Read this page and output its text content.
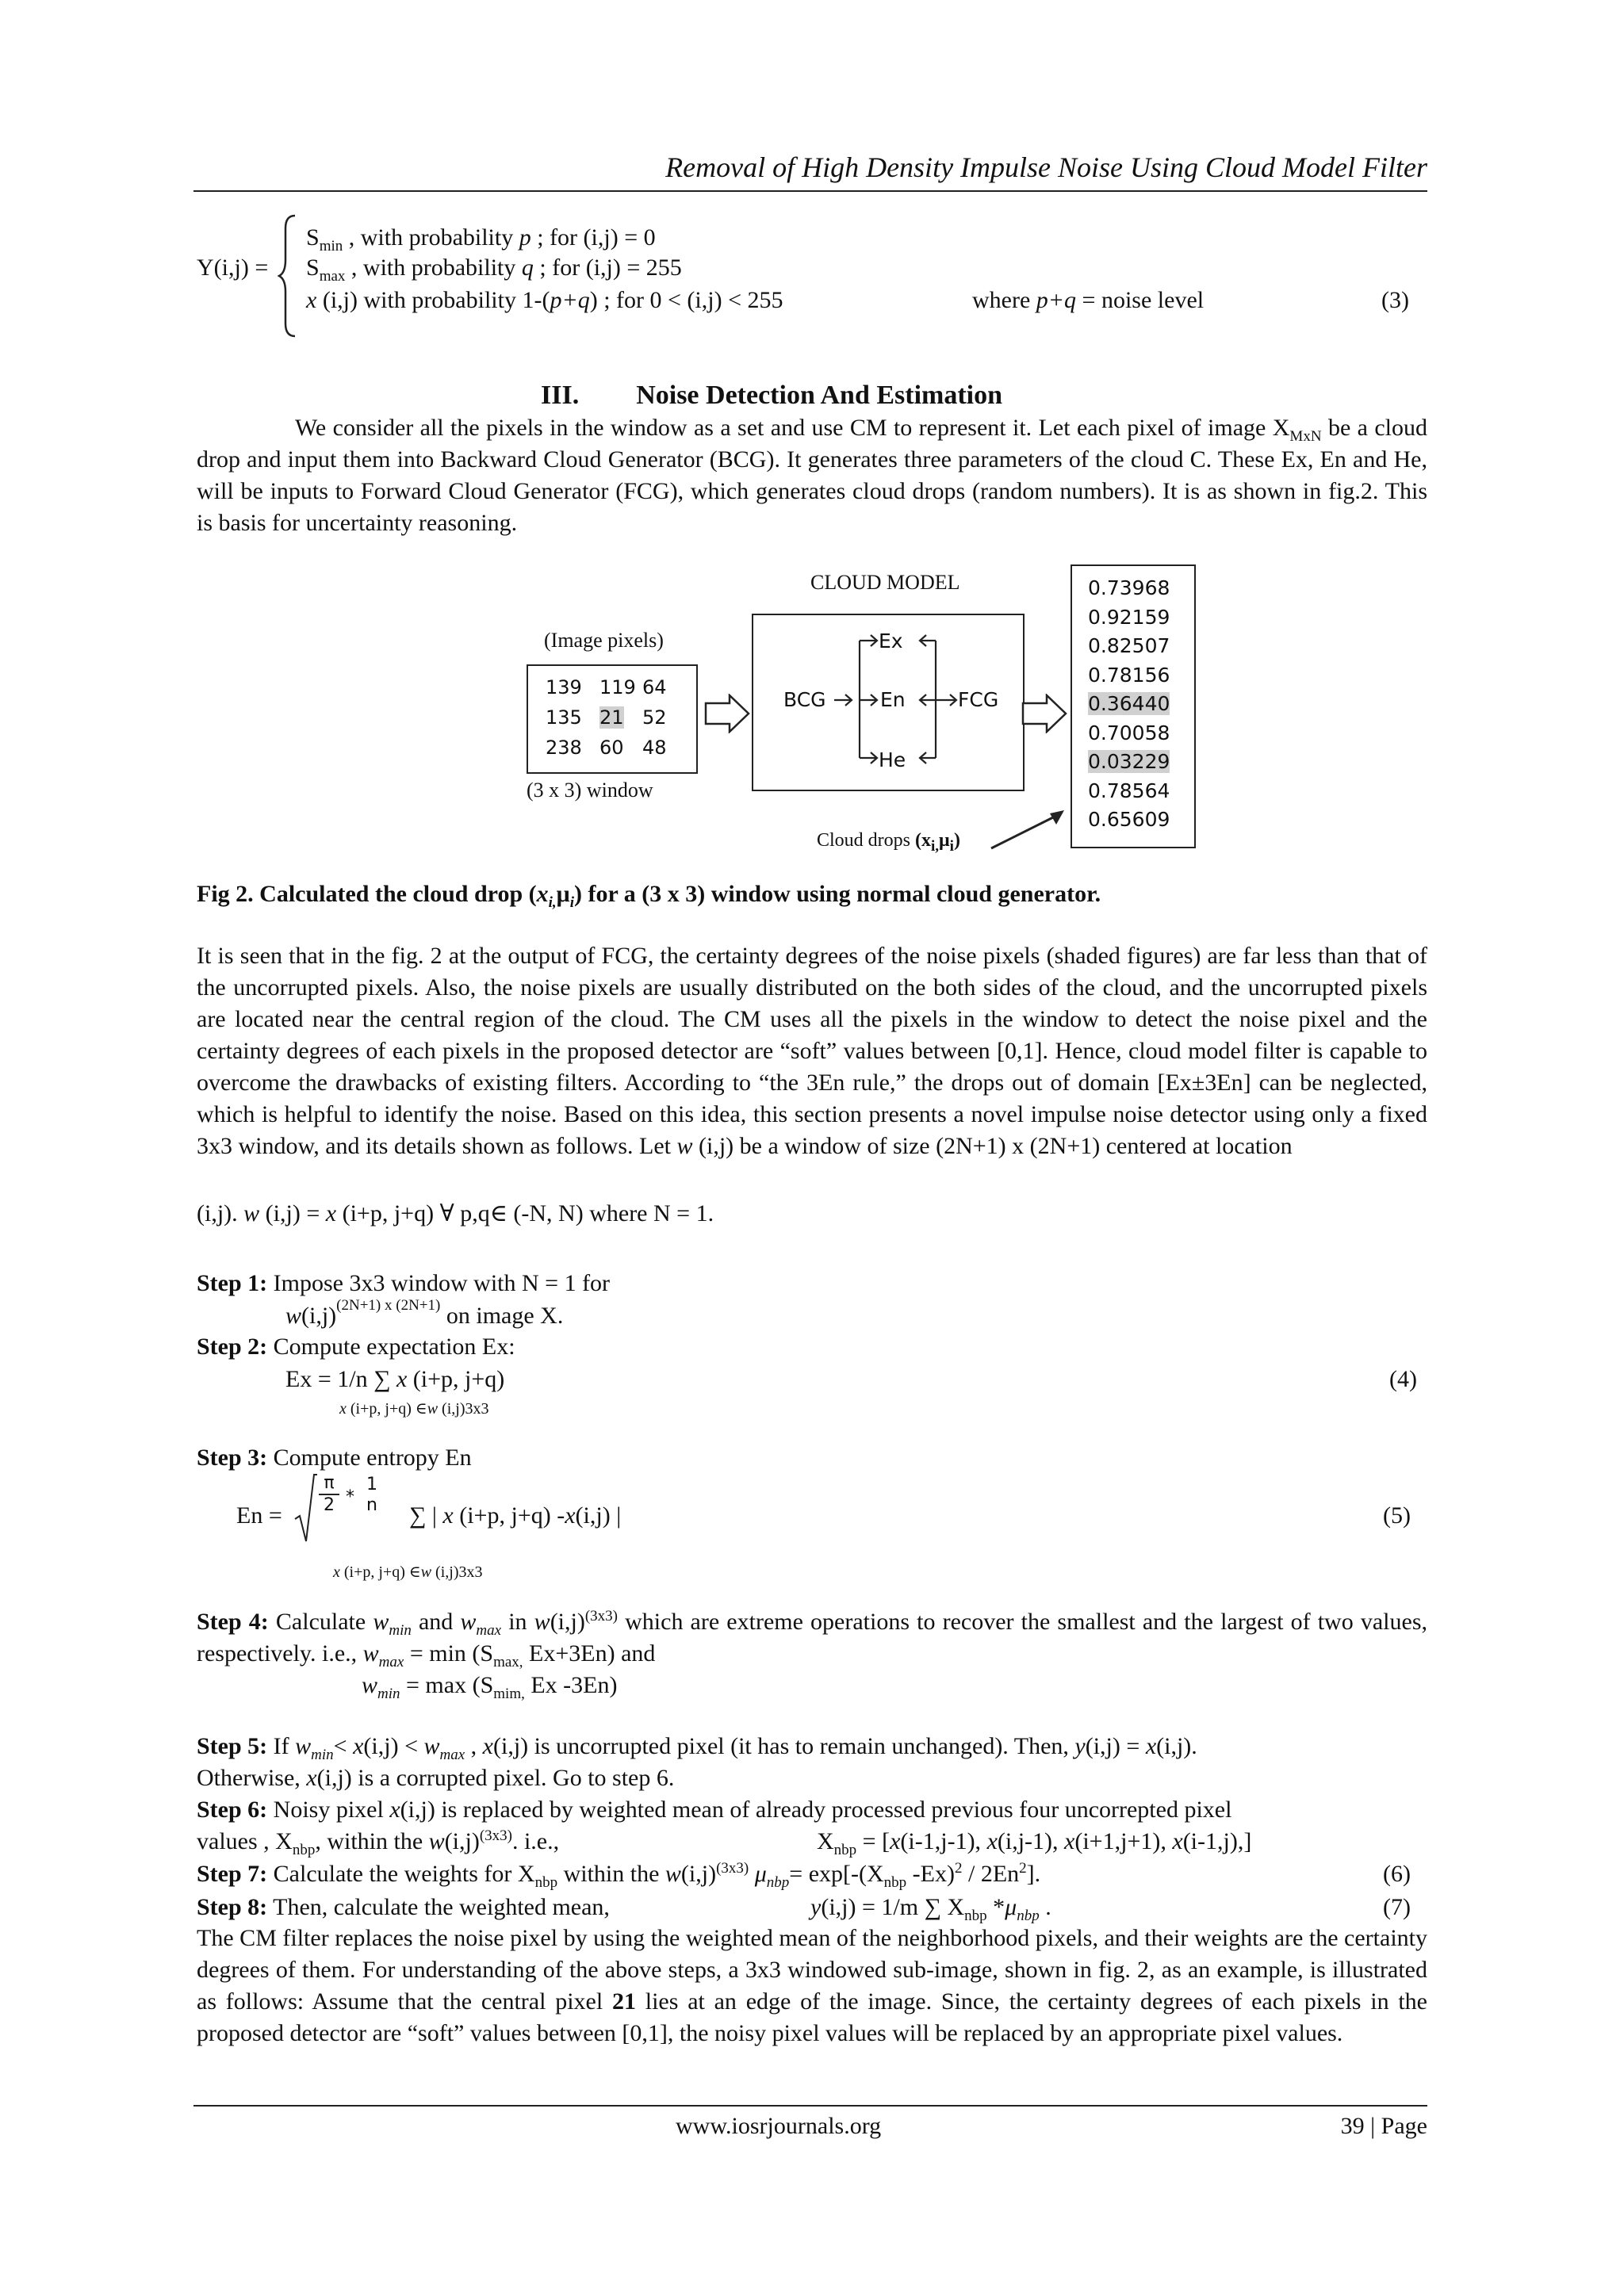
Removal of High Density Impulse Noise Using Cloud Model Filter
Y(i,j) =
$S_{min}$ , with probability p ; for (i,j) = 0
$S_{max}$ , with probability q ; for (i,j) = 255
x (i,j) with probability 1-(p+q) ; for 0 < (i,j) < 255	where p+q = noise level	(3)
III. Noise Detection And Estimation
We consider all the pixels in the window as a set and use CM to represent it. Let each pixel of image $X_{MxN}$ be a cloud drop and input them into Backward Cloud Generator (BCG). It generates three parameters of the cloud C. These Ex, En and He, will be inputs to Forward Cloud Generator (FCG), which generates cloud drops (random numbers). It is as shown in fig.2. This is basis for uncertainty reasoning.
CLOUD MODEL
(Image pixels)
139 119 64
135 21 52
238 60 48
(3 x 3) window
BCG
Ex
En
He
FCG
0.73968
0.92159
0.82507
0.78156
0.36440
0.70058
0.03229
0.78564
0.65609
Cloud drops $(x_{i,}\mu_i)$
Fig 2. Calculated the cloud drop $(x_{i,}\mu_i)$ for a (3 x 3) window using normal cloud generator.
It is seen that in the fig. 2 at the output of FCG, the certainty degrees of the noise pixels (shaded figures) are far less than that of the uncorrupted pixels. Also, the noise pixels are usually distributed on the both sides of the cloud, and the uncorrupted pixels are located near the central region of the cloud. The CM uses all the pixels in the window to detect the noise pixel and the certainty degrees of each pixels in the proposed detector are “soft” values between [0,1]. Hence, cloud model filter is capable to overcome the drawbacks of existing filters. According to “the 3En rule,” the drops out of domain [Ex±3En] can be neglected, which is helpful to identify the noise. Based on this idea, this section presents a novel impulse noise detector using only a fixed 3x3 window, and its details shown as follows. Let w (i,j) be a window of size (2N+1) x (2N+1) centered at location
(i,j). w (i,j) = x (i+p, j+q) ∀ p,q∈ (-N, N) where N = 1.
Step 1: Impose 3x3 window with N = 1 for
$w(i,j)^{(2N+1) x (2N+1)}$ on image X.
Step 2: Compute expectation Ex:
Ex = 1/n ∑ x (i+p, j+q)
x (i+p, j+q) ∈w (i,j)3x3
(4)
Step 3: Compute entropy En
En =
π
2 *
1
n ∑ | x (i+p, j+q) -x(i,j) |
x (i+p, j+q) ∈w (i,j)3x3
(5)
Step 4: Calculate $w_{min}$ and $w_{max}$ in $w(i,j)^{(3x3)}$ which are extreme operations to recover the smallest and the largest of two values, respectively. i.e., $w_{max} = \min (S_{max,}$ Ex+3En) and
$w_{min} = \max (S_{mim,}$ Ex -3En)
Step 5: If $w_{min}< x(i,j) < w_{max}$ , x(i,j) is uncorrupted pixel (it has to remain unchanged). Then, y(i,j) = x(i,j).
Otherwise, x(i,j) is a corrupted pixel. Go to step 6.
Step 6: Noisy pixel x(i,j) is replaced by weighted mean of already processed previous four uncorrepted pixel
values , $X_{nbp}$, within the $w(i,j)^{(3x3)}$. i.e.,	$X_{nbp} = [x(i-1,j-1)$, x(i,j-1), x(i+1,j+1), x(i-1,j),]
Step 7: Calculate the weights for $X_{nbp}$ within the $w(i,j)^{(3x3)}$ $\mu_{nbp}= \exp[-(X_{nbp}$ -Ex)$^2$ / 2En$^2$].	(6)
Step 8: Then, calculate the weighted mean,	y(i,j) = 1/m ∑ $X_{nbp}$ $*\mu_{nbp}$ .	(7)
The CM filter replaces the noise pixel by using the weighted mean of the neighborhood pixels, and their weights are the certainty degrees of them. For understanding of the above steps, a 3x3 windowed sub-image, shown in fig. 2, as an example, is illustrated as follows: Assume that the central pixel 21 lies at an edge of the image. Since, the certainty degrees of each pixels in the proposed detector are “soft” values between [0,1], the noisy pixel values will be replaced by an appropriate pixel values.
www.iosrjournals.org	39 | Page
